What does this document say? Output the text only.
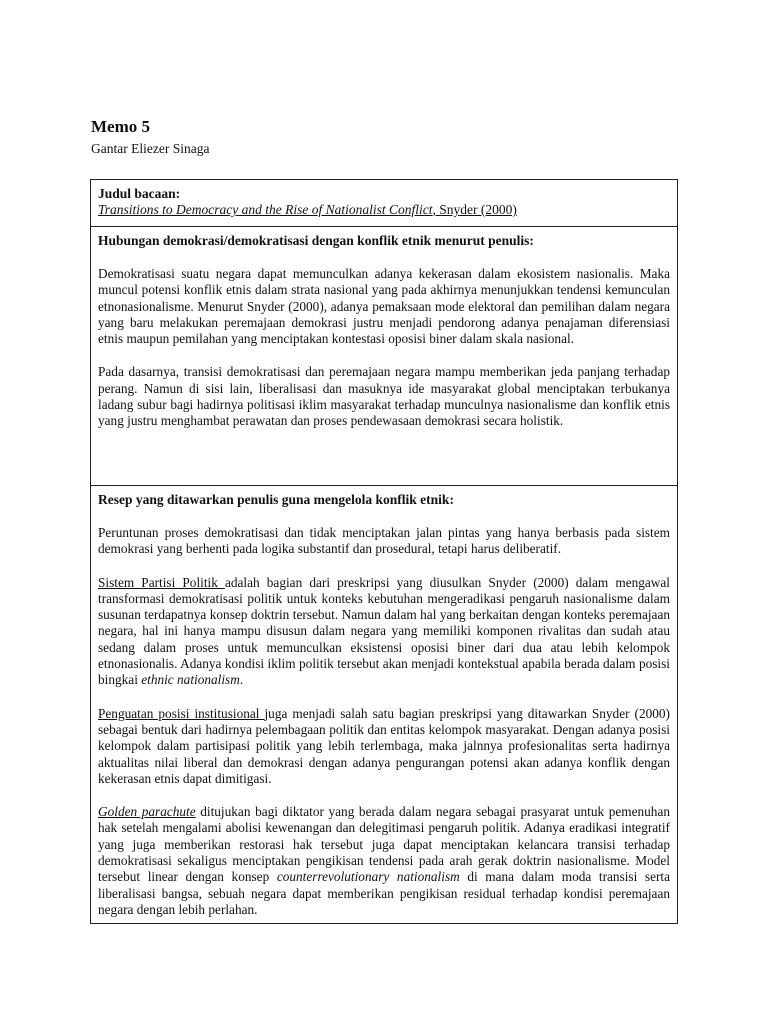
Memo 5
Gantar Eliezer Sinaga
Judul bacaan:
Transitions to Democracy and the Rise of Nationalist Conflict, Snyder (2000)
Hubungan demokrasi/demokratisasi dengan konflik etnik menurut penulis:

Demokratisasi suatu negara dapat memunculkan adanya kekerasan dalam ekosistem nasionalis. Maka muncul potensi konflik etnis dalam strata nasional yang pada akhirnya menunjukkan tendensi kemunculan etnonasionalisme. Menurut Snyder (2000), adanya pemaksaan mode elektoral dan pemilihan dalam negara yang baru melakukan peremajaan demokrasi justru menjadi pendorong adanya penajaman diferensiasi etnis maupun pemilahan yang menciptakan kontestasi oposisi biner dalam skala nasional.

Pada dasarnya, transisi demokratisasi dan peremajaan negara mampu memberikan jeda panjang terhadap perang. Namun di sisi lain, liberalisasi dan masuknya ide masyarakat global menciptakan terbukanya ladang subur bagi hadirnya politisasi iklim masyarakat terhadap munculnya nasionalisme dan konflik etnis yang justru menghambat perawatan dan proses pendewasaan demokrasi secara holistik.

Resep yang ditawarkan penulis guna mengelola konflik etnik:

Peruntunan proses demokratisasi dan tidak menciptakan jalan pintas yang hanya berbasis pada sistem demokrasi yang berhenti pada logika substantif dan prosedural, tetapi harus deliberatif.

Sistem Partisi Politik adalah bagian dari preskripsi yang diusulkan Snyder (2000) dalam mengawal transformasi demokratisasi politik untuk konteks kebutuhan mengeradikasi pengaruh nasionalisme dalam susunan terdapatnya konsep doktrin tersebut. Namun dalam hal yang berkaitan dengan konteks peremajaan negara, hal ini hanya mampu disusun dalam negara yang memiliki komponen rivalitas dan sudah atau sedang dalam proses untuk memunculkan eksistensi oposisi biner dari dua atau lebih kelompok etnonasionalis. Adanya kondisi iklim politik tersebut akan menjadi kontekstual apabila berada dalam posisi bingkai ethnic nationalism.

Penguatan posisi institusional juga menjadi salah satu bagian preskripsi yang ditawarkan Snyder (2000) sebagai bentuk dari hadirnya pelembagaan politik dan entitas kelompok masyarakat. Dengan adanya posisi kelompok dalam partisipasi politik yang lebih terlembaga, maka jalnnya profesionalitas serta hadirnya aktualitas nilai liberal dan demokrasi dengan adanya pengurangan potensi akan adanya konflik dengan kekerasan etnis dapat dimitigasi.

Golden parachute ditujukan bagi diktator yang berada dalam negara sebagai prasyarat untuk pemenuhan hak setelah mengalami abolisi kewenangan dan delegitimasi pengaruh politik. Adanya eradikasi integratif yang juga memberikan restorasi hak tersebut juga dapat menciptakan kelancara transisi terhadap demokratisasi sekaligus menciptakan pengikisan tendensi pada arah gerak doktrin nasionalisme. Model tersebut linear dengan konsep counterrevolutionary nationalism di mana dalam moda transisi serta liberalisasi bangsa, sebuah negara dapat memberikan pengikisan residual terhadap kondisi peremajaan negara dengan lebih perlahan.
